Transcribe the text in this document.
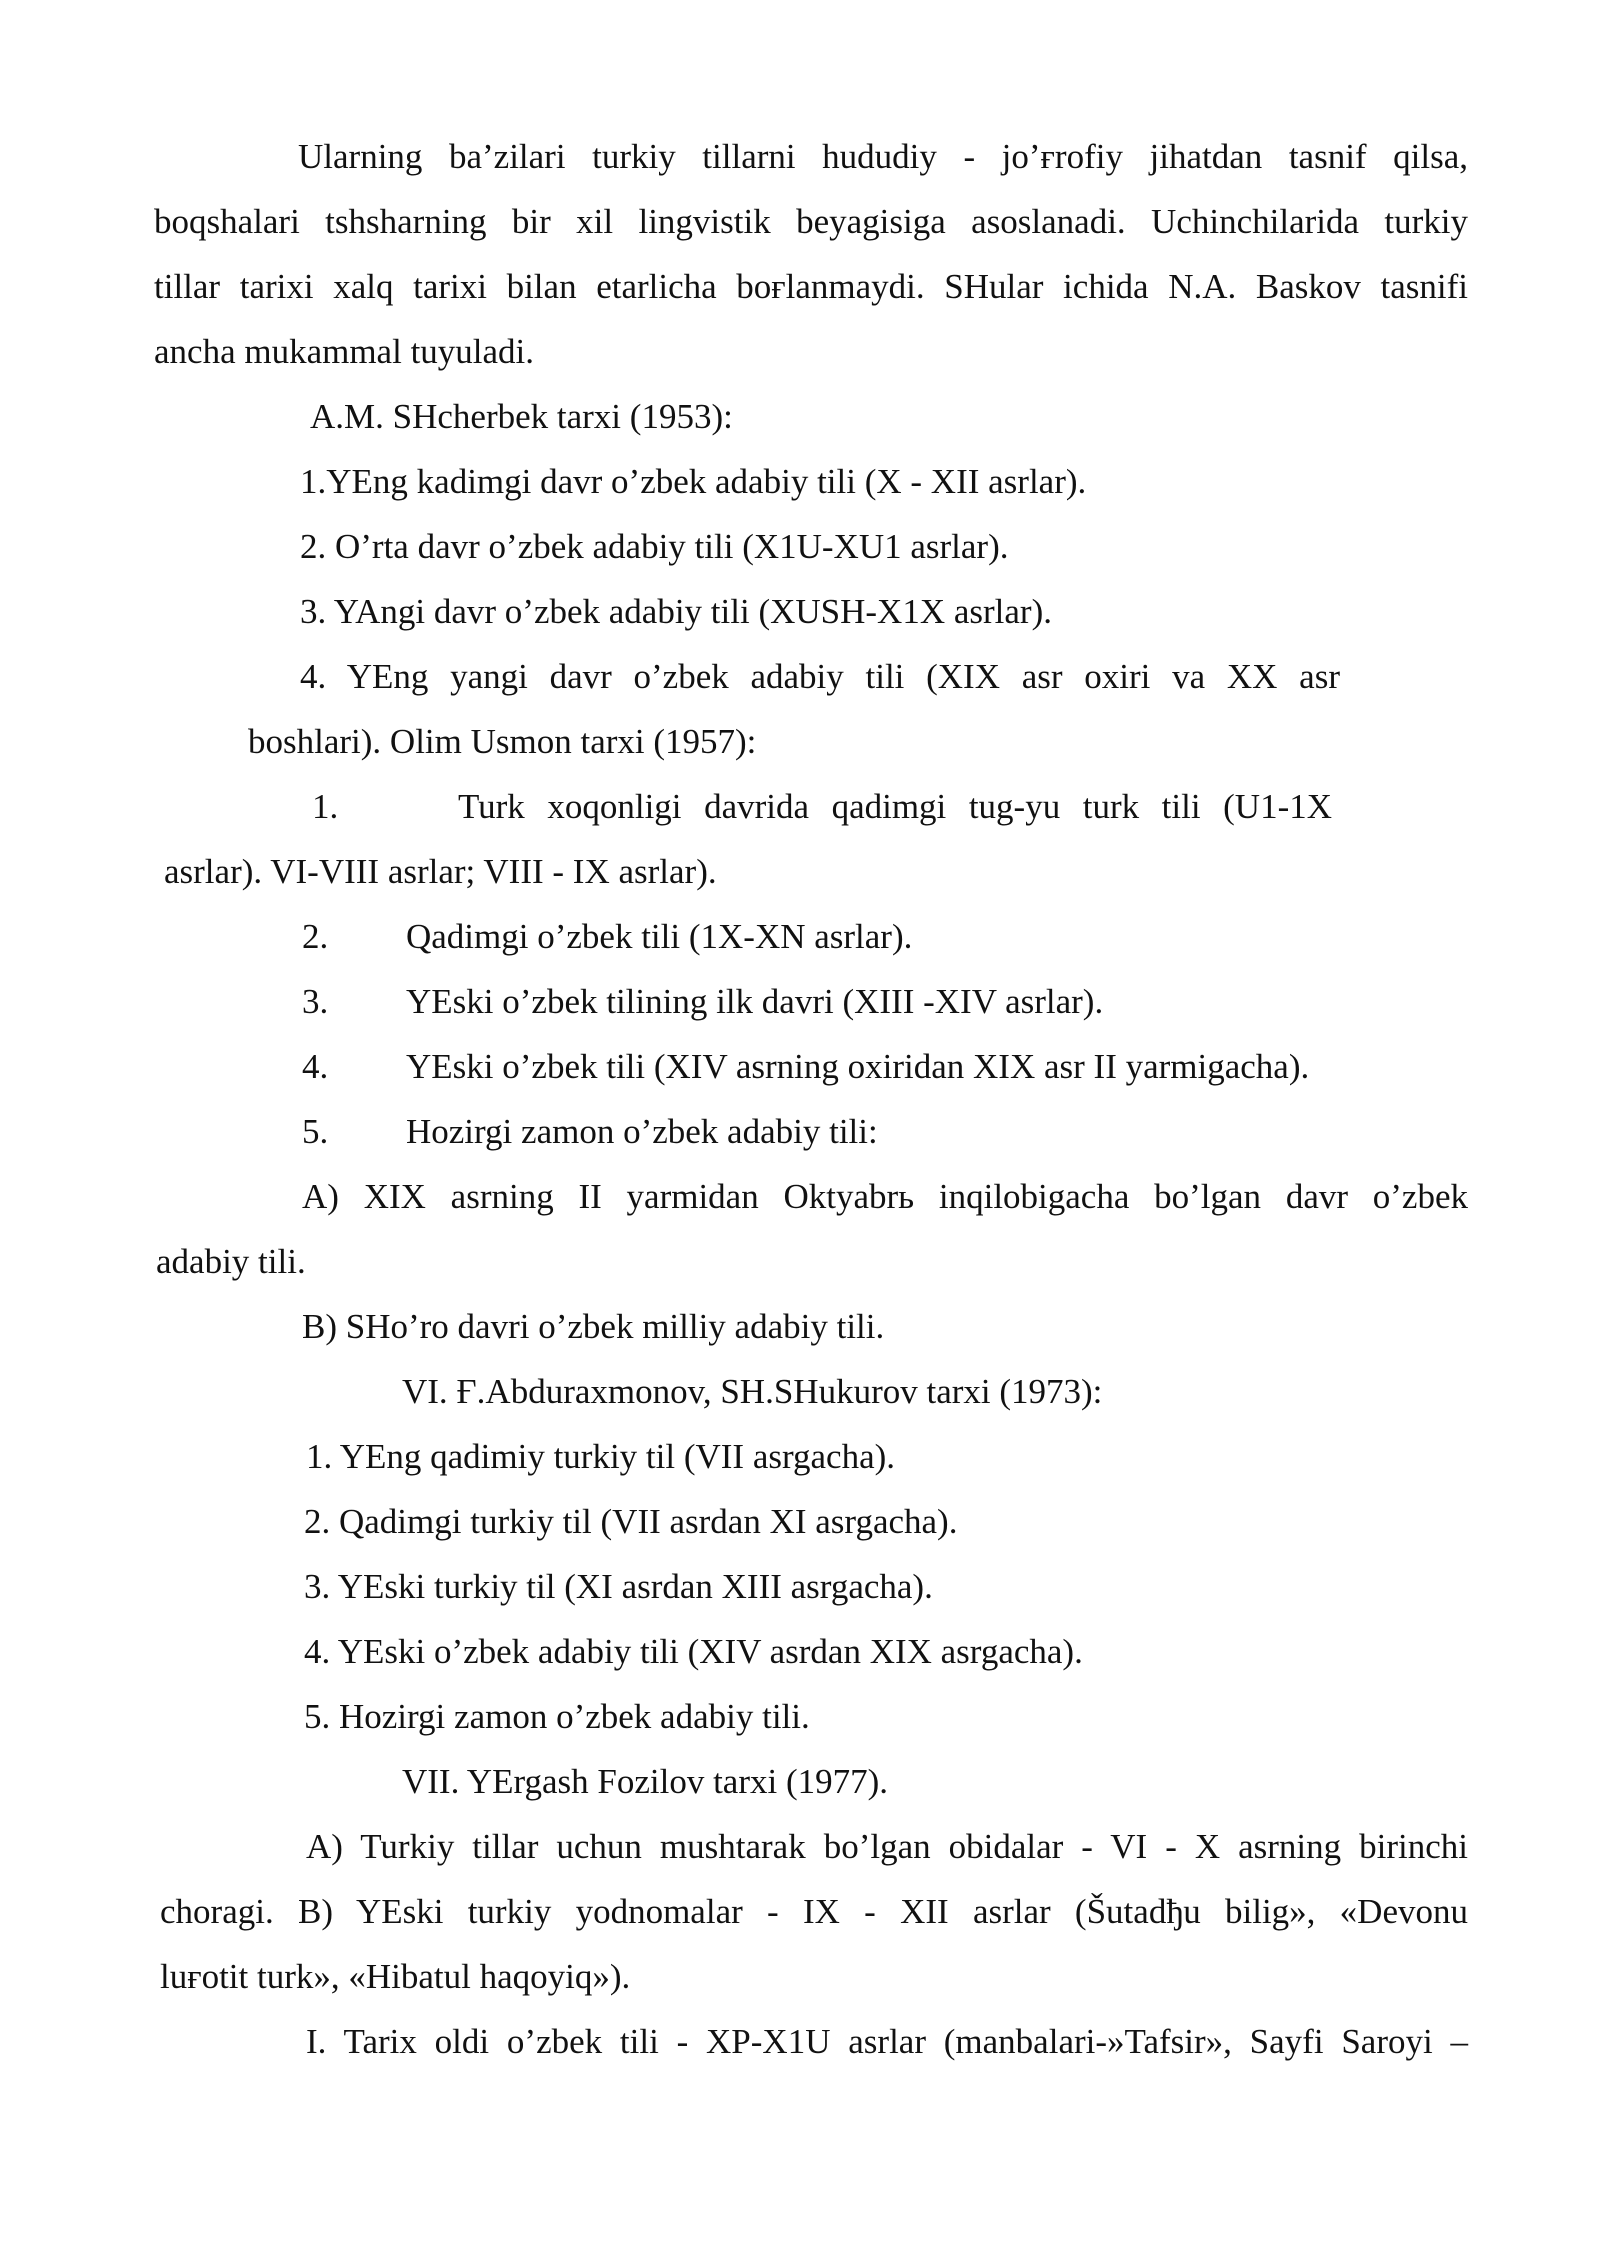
Ularning ba’zilari turkiy tillarni hududiy - jo’ғrofiy jihatdan tasnif qilsa,

boqshalari tshsharning bir xil lingvistik beyagisiga asoslanadi. Uchinchilarida turkiy

tillar tarixi xalq tarixi bilan etarlicha boғlanmaydi. SHular ichida N.A. Baskov tasnifi

ancha mukammal tuyuladi.

A.M. SHcherbek tarxi (1953):

1.YEng kadimgi davr o’zbek adabiy tili (X - XII asrlar).

2. O’rta davr o’zbek adabiy tili (X1U-XU1 asrlar).

3. YAngi davr o’zbek adabiy tili (XUSH-X1X asrlar).

4. YEng yangi davr o’zbek adabiy tili (XIX asr oxiri va XX asr

boshlari). Olim Usmon tarxi (1957):

1.	Turk xoqonligi davrida qadimgi tug-yu turk tili (U1-1X

asrlar). VI-VIII asrlar; VIII - IX asrlar).

2. Qadimgi o’zbek tili (1X-XN asrlar).

3. YEski o’zbek tilining ilk davri (XIII -XIV asrlar).

4. YEski o’zbek tili (XIV asrning oxiridan XIX asr II yarmigacha).

5. Hozirgi zamon o’zbek adabiy tili:

A) XIX asrning II yarmidan Oktyabrь inqilobigacha bo’lgan davr o’zbek

adabiy tili.

B) SHo’ro davri o’zbek milliy adabiy tili.

VI. Ғ.Abduraxmonov, SH.SHukurov tarxi (1973):

1. YEng qadimiy turkiy til (VII asrgacha).

2. Qadimgi turkiy til (VII asrdan XI asrgacha).

3. YEski turkiy til (XI asrdan XIII asrgacha).

4. YEski o’zbek adabiy tili (XIV asrdan XIX asrgacha).

5. Hozirgi zamon o’zbek adabiy tili.

VII. YErgash Fozilov tarxi (1977).

A) Turkiy tillar uchun mushtarak bo’lgan obidalar - VI - X asrning birinchi

choragi. B) YEski turkiy yodnomalar - IX - XII asrlar (Šutadђu bilig», «Devonu

luғotit turk», «Hibatul haqoyiq»).

I. Tarix oldi o’zbek tili - XP-X1U asrlar (manbalari-»Tafsir», Sayfi Saroyi –
